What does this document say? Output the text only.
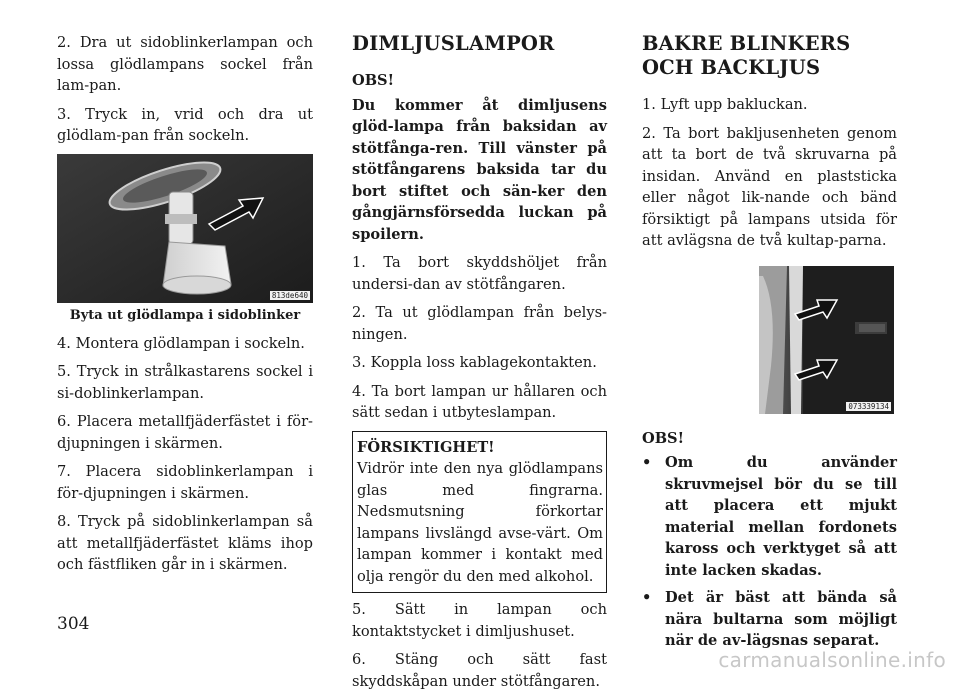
2. Dra ut sidoblinkerlampan och lossa glödlampans sockel från lam-pan.

3. Tryck in, vrid och dra ut glödlam-pan från sockeln.

813de640
Byta ut glödlampa i sidoblinker

4. Montera glödlampan i sockeln.

5. Tryck in strålkastarens sockel i si-doblinkerlampan.

6. Placera metallfjäderfästet i för-djupningen i skärmen.

7. Placera sidoblinkerlampan i för-djupningen i skärmen.

8. Tryck på sidoblinkerlampan så att metallfjäderfästet kläms ihop och fästfliken går in i skärmen.

DIMLJUSLAMPOR

OBS!

Du kommer åt dimljusens glöd-lampa från baksidan av stötfånga-ren. Till vänster på stötfångarens baksida tar du bort stiftet och sän-ker den gångjärnsförsedda luckan på spoilern.

1. Ta bort skyddshöljet från undersi-dan av stötfångaren.

2. Ta ut glödlampan från belys-ningen.

3. Koppla loss kablagekontakten.

4. Ta bort lampan ur hållaren och sätt sedan i utbyteslampan.

FÖRSIKTIGHET!

Vidrör inte den nya glödlampans glas med fingrarna. Nedsmutsning förkortar lampans livslängd avse-värt. Om lampan kommer i kontakt med olja rengör du den med alkohol.

5. Sätt in lampan och kontaktstycket i dimljushuset.

6. Stäng och sätt fast skyddskåpan under stötfångaren.

BAKRE BLINKERS OCH BACKLJUS

1. Lyft upp bakluckan.

2. Ta bort bakljusenheten genom att ta bort de två skruvarna på insidan. Använd en plaststicka eller något lik-nande och bänd försiktigt på lampans utsida för att avlägsna de två kultap-parna.

073339134

OBS!

• Om du använder skruvmejsel bör du se till att placera ett mjukt material mellan fordonets kaross och verktyget så att inte lacken skadas.
• Det är bäst att bända så nära bultarna som möjligt när de av-lägsnas separat.
304
carmanualsonline.info
